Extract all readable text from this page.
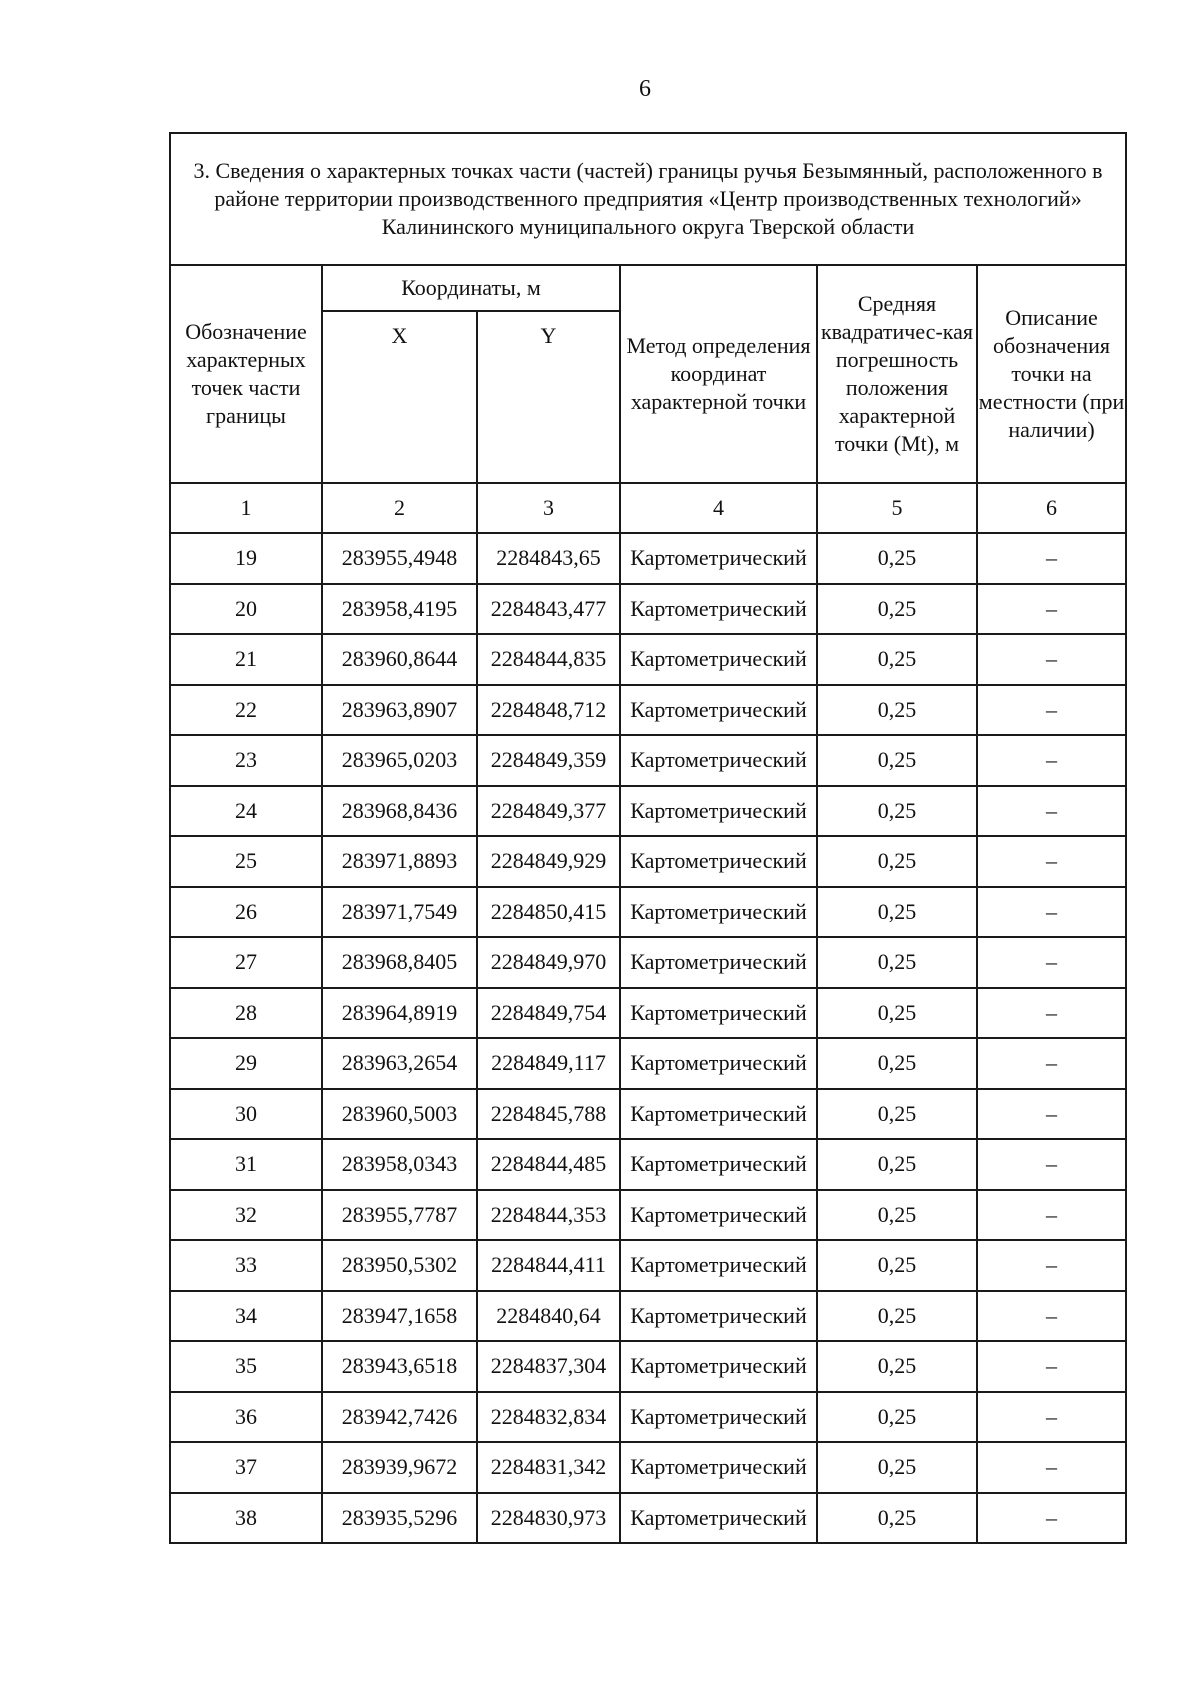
6
3. Сведения о характерных точках части (частей) границы ручья Безымянный, расположенного в районе территории производственного предприятия «Центр производственных технологий» Калининского муниципального округа Тверской области					
Обозначение характерных точек части границы	Координаты, м		Метод определения координат характерной точки	Средняя квадратичес-кая погрешность положения характерной точки (Mt), м	Описание обозначения точки на местности (при наличии)
	X	Y			
1	2	3	4	5	6
19	283955,4948	2284843,65	Картометрический	0,25	–
20	283958,4195	2284843,477	Картометрический	0,25	–
21	283960,8644	2284844,835	Картометрический	0,25	–
22	283963,8907	2284848,712	Картометрический	0,25	–
23	283965,0203	2284849,359	Картометрический	0,25	–
24	283968,8436	2284849,377	Картометрический	0,25	–
25	283971,8893	2284849,929	Картометрический	0,25	–
26	283971,7549	2284850,415	Картометрический	0,25	–
27	283968,8405	2284849,970	Картометрический	0,25	–
28	283964,8919	2284849,754	Картометрический	0,25	–
29	283963,2654	2284849,117	Картометрический	0,25	–
30	283960,5003	2284845,788	Картометрический	0,25	–
31	283958,0343	2284844,485	Картометрический	0,25	–
32	283955,7787	2284844,353	Картометрический	0,25	–
33	283950,5302	2284844,411	Картометрический	0,25	–
34	283947,1658	2284840,64	Картометрический	0,25	–
35	283943,6518	2284837,304	Картометрический	0,25	–
36	283942,7426	2284832,834	Картометрический	0,25	–
37	283939,9672	2284831,342	Картометрический	0,25	–
38	283935,5296	2284830,973	Картометрический	0,25	–
